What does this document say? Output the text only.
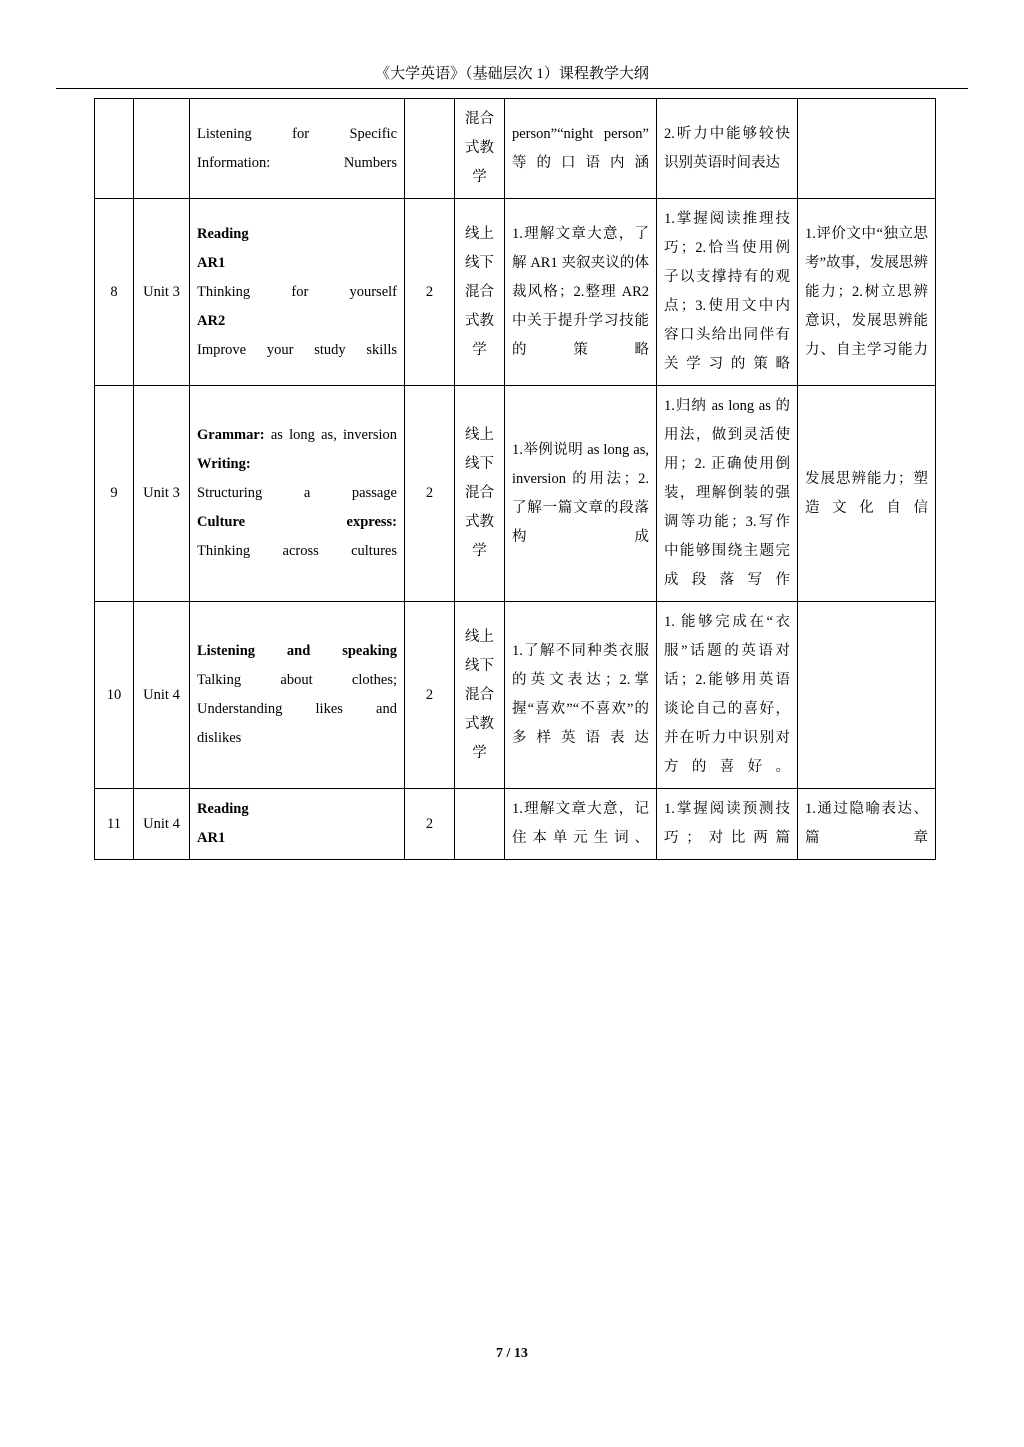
《大学英语》（基础层次 1）课程教学大纲

		Listening for Specific
Information: Numbers		混合式教学	person”“night person” 等的口语内涵	2.听力中能够较快识别英语时间表达	
8	Unit 3	Reading
AR1
Thinking for yourself
AR2
Improve your study skills	2	线上线下混合式教学	1.理解文章大意，了解 AR1 夹叙夹议的体裁风格；2.整理 AR2 中关于提升学习技能的策略	1.掌握阅读推理技巧；2.恰当使用例子以支撑持有的观点；3.使用文中内容口头给出同伴有关学习的策略	1.评价文中“独立思考”故事，发展思辨能力；2.树立思辨意识，发展思辨能力、自主学习能力
9	Unit 3	Grammar: as long as, inversion
Writing:
Structuring a passage
Culture express:
Thinking across cultures	2	线上线下混合式教学	1.举例说明 as long as, inversion 的用法；2.了解一篇文章的段落构成	1.归纳 as long as 的用法，做到灵活使用；2. 正确使用倒装，理解倒装的强调等功能；3.写作中能够围绕主题完成段落写作	发展思辨能力；塑造文化自信
10	Unit 4	Listening and speaking
Talking about clothes;
Understanding likes and
dislikes	2	线上线下混合式教学	1.了解不同种类衣服的英文表达；2.掌握“喜欢”“不喜欢”的多样英语表达	1. 能够完成在“衣服”话题的英语对话；2.能够用英语谈论自己的喜好，并在听力中识别对方的喜好。	
11	Unit 4	Reading
AR1	2		1.理解文章大意，记住本单元生词、	1.掌握阅读预测技巧；对比两篇	1.通过隐喻表达、篇章
7 / 13
